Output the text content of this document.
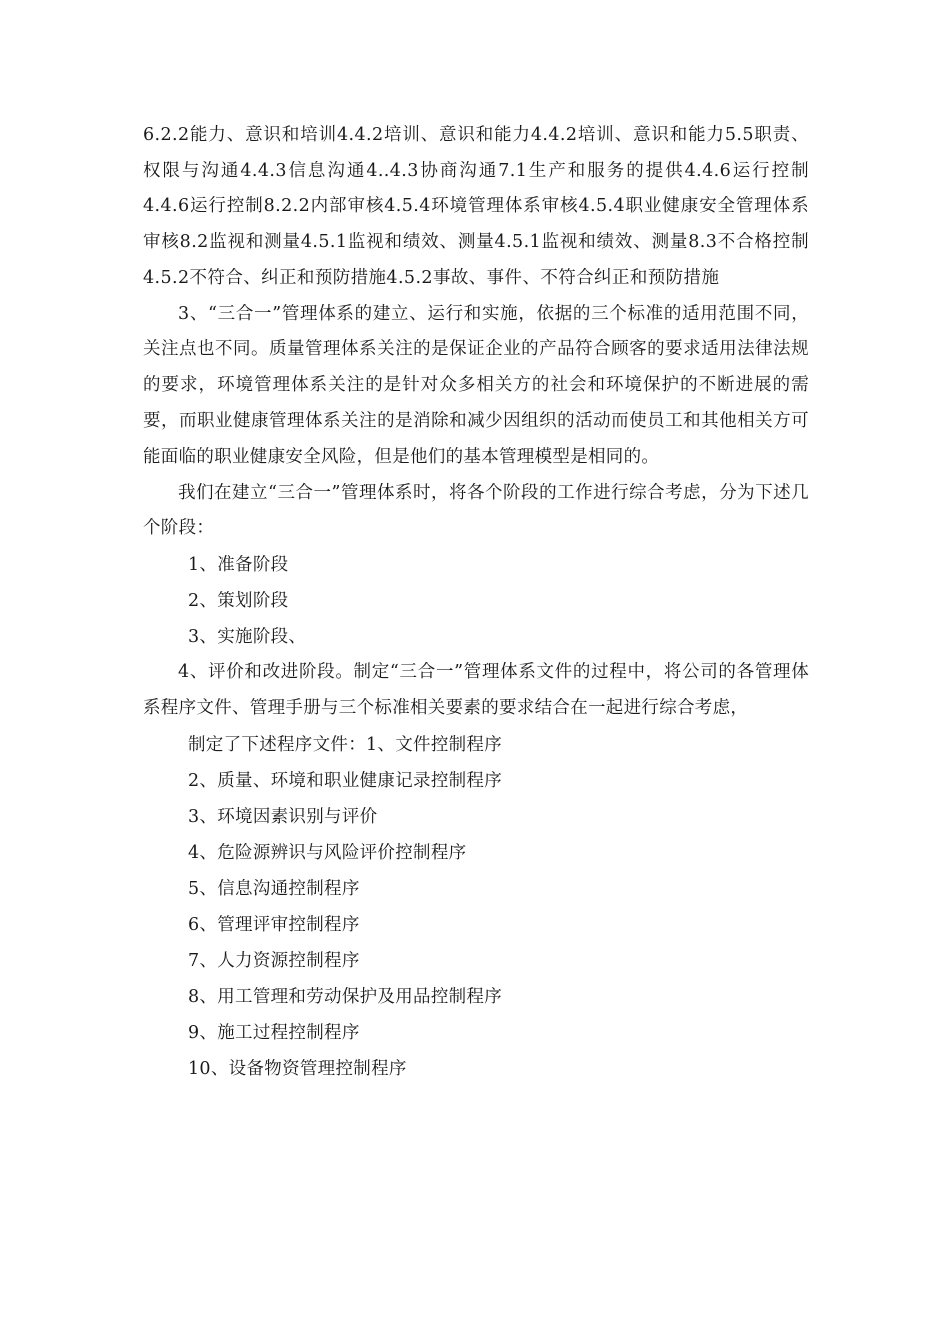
6.2.2能力、意识和培训4.4.2培训、意识和能力4.4.2培训、意识和能力5.5职责、权限与沟通4.4.3信息沟通4..4.3协商沟通7.1生产和服务的提供4.4.6运行控制4.4.6运行控制8.2.2内部审核4.5.4环境管理体系审核4.5.4职业健康安全管理体系审核8.2监视和测量4.5.1监视和绩效、测量4.5.1监视和绩效、测量8.3不合格控制4.5.2不符合、纠正和预防措施4.5.2事故、事件、不符合纠正和预防措施

3、“三合一”管理体系的建立、运行和实施，依据的三个标准的适用范围不同，关注点也不同。质量管理体系关注的是保证企业的产品符合顾客的要求适用法律法规的要求，环境管理体系关注的是针对众多相关方的社会和环境保护的不断进展的需要，而职业健康管理体系关注的是消除和减少因组织的活动而使员工和其他相关方可能面临的职业健康安全风险，但是他们的基本管理模型是相同的。

我们在建立“三合一”管理体系时，将各个阶段的工作进行综合考虑，分为下述几个阶段：

1、准备阶段

2、策划阶段

3、实施阶段、

4、评价和改进阶段。制定“三合一”管理体系文件的过程中，将公司的各管理体系程序文件、管理手册与三个标准相关要素的要求结合在一起进行综合考虑，

制定了下述程序文件：1、文件控制程序

2、质量、环境和职业健康记录控制程序

3、环境因素识别与评价

4、危险源辨识与风险评价控制程序

5、信息沟通控制程序

6、管理评审控制程序

7、人力资源控制程序

8、用工管理和劳动保护及用品控制程序

9、施工过程控制程序

10、设备物资管理控制程序
